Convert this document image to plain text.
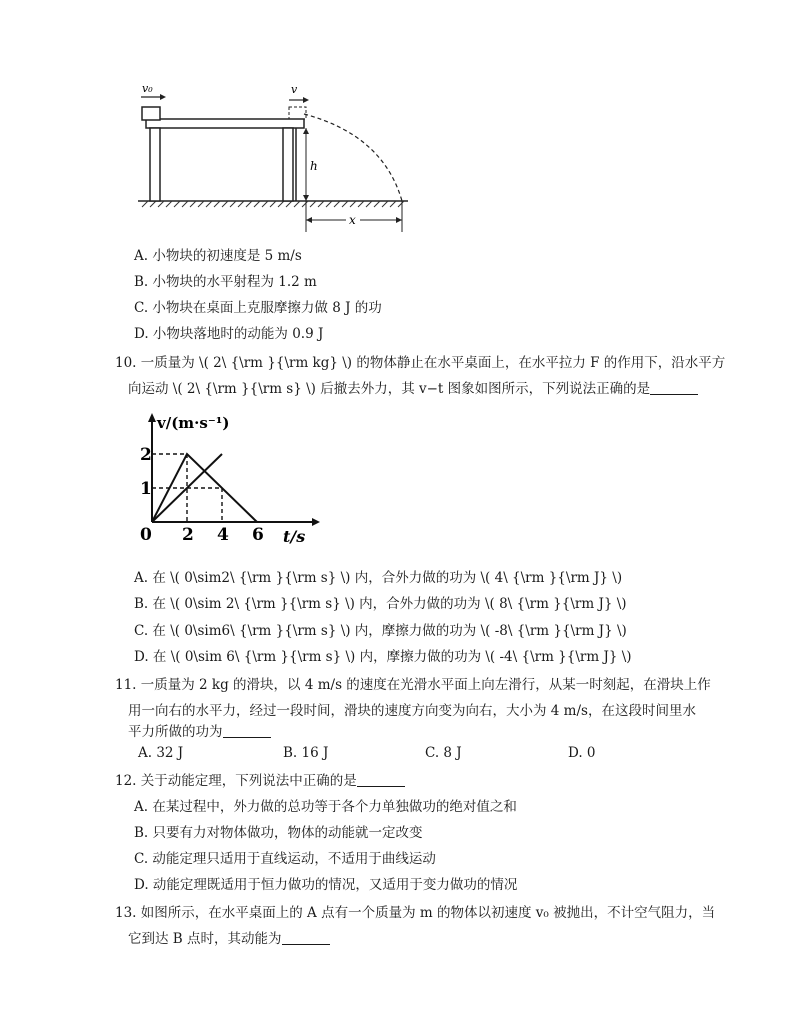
v₀	v
h
x
A. 小物块的初速度是 5 m/s
B. 小物块的水平射程为 1.2 m
C. 小物块在桌面上克服摩擦力做 8 J 的功
D. 小物块落地时的动能为 0.9 J
10. 一质量为 \( 2\ {\rm }{\rm kg} \) 的物体静止在水平桌面上，在水平拉力 F 的作用下，沿水平方
向运动 \( 2\ {\rm }{\rm s} \) 后撤去外力，其 v−t 图象如图所示，下列说法正确的是
0 2 4 6
1
2
t/s
v/(m·s⁻¹)
A. 在 \( 0\sim2\ {\rm }{\rm s} \) 内，合外力做的功为 \( 4\ {\rm }{\rm J} \)
B. 在 \( 0\sim 2\ {\rm }{\rm s} \) 内，合外力做的功为 \( 8\ {\rm }{\rm J} \)
C. 在 \( 0\sim6\ {\rm }{\rm s} \) 内，摩擦力做的功为 \( -8\ {\rm }{\rm J} \)
D. 在 \( 0\sim 6\ {\rm }{\rm s} \) 内，摩擦力做的功为 \( -4\ {\rm }{\rm J} \)
11. 一质量为 2 kg 的滑块，以 4 m/s 的速度在光滑水平面上向左滑行，从某一时刻起，在滑块上作
用一向右的水平力，经过一段时间，滑块的速度方向变为向右，大小为 4 m/s，在这段时间里水
平力所做的功为
A. 32 J	B. 16 J	C. 8 J	D. 0
12. 关于动能定理，下列说法中正确的是
A. 在某过程中，外力做的总功等于各个力单独做功的绝对值之和
B. 只要有力对物体做功，物体的动能就一定改变
C. 动能定理只适用于直线运动，不适用于曲线运动
D. 动能定理既适用于恒力做功的情况，又适用于变力做功的情况
13. 如图所示，在水平桌面上的 A 点有一个质量为 m 的物体以初速度 v₀ 被抛出，不计空气阻力，当
它到达 B 点时，其动能为
